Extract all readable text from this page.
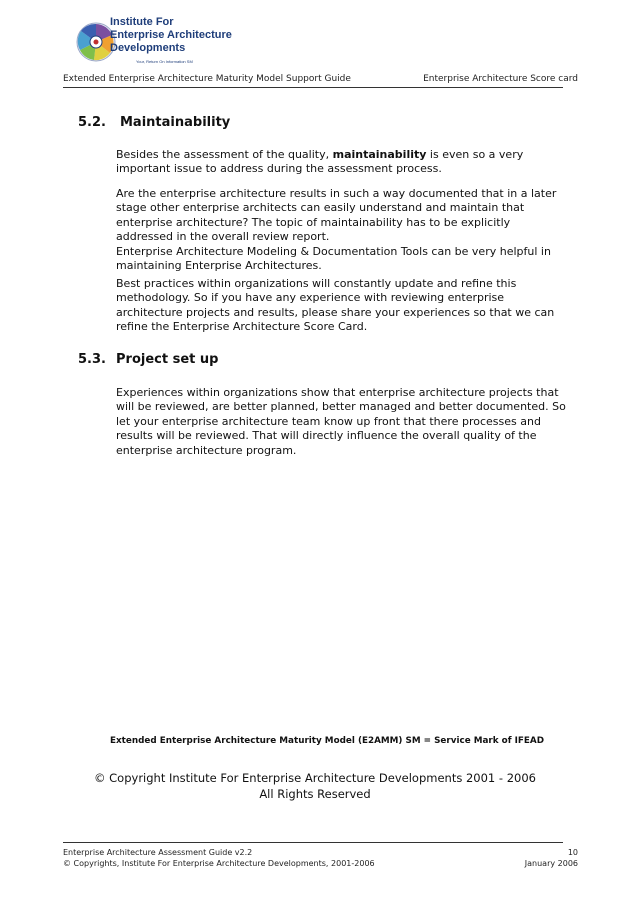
Institute For
Enterprise Architecture
Developments
Your, Return On Information SM
Extended Enterprise Architecture Maturity Model Support Guide	Enterprise Architecture Score card
5.2. Maintainability
Besides the assessment of the quality, maintainability is even so a very important issue to address during the assessment process.
Are the enterprise architecture results in such a way documented that in a later stage other enterprise architects can easily understand and maintain that enterprise architecture? The topic of maintainability has to be explicitly addressed in the overall review report.
Enterprise Architecture Modeling & Documentation Tools can be very helpful in maintaining Enterprise Architectures.
Best practices within organizations will constantly update and refine this methodology. So if you have any experience with reviewing enterprise architecture projects and results, please share your experiences so that we can refine the Enterprise Architecture Score Card.
5.3. Project set up
Experiences within organizations show that enterprise architecture projects that will be reviewed, are better planned, better managed and better documented. So let your enterprise architecture team know up front that there processes and results will be reviewed. That will directly influence the overall quality of the enterprise architecture program.
Extended Enterprise Architecture Maturity Model (E2AMM) SM = Service Mark of IFEAD
© Copyright Institute For Enterprise Architecture Developments 2001 - 2006
All Rights Reserved
Enterprise Architecture Assessment Guide v2.2
© Copyrights, Institute For Enterprise Architecture Developments, 2001-2006
10
January 2006
